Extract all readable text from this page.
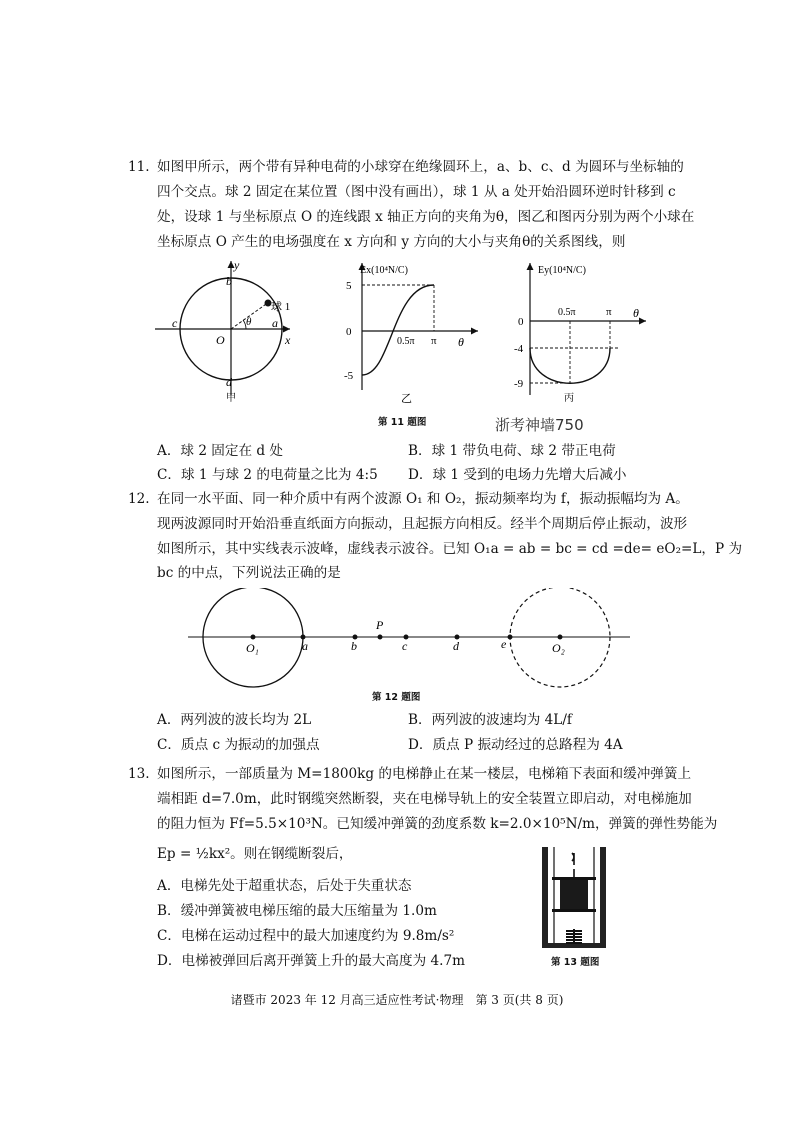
11. 如图甲所示，两个带有异种电荷的小球穿在绝缘圆环上，a、b、c、d 为圆环与坐标轴的
四个交点。球 2 固定在某位置（图中没有画出），球 1 从 a 处开始沿圆环逆时针移到 c
处，设球 1 与坐标原点 O 的连线跟 x 轴正方向的夹角为θ，图乙和图丙分别为两个小球在
坐标原点 O 产生的电场强度在 x 方向和 y 方向的大小与夹角θ的关系图线，则
y
x
O
a
b
c
d
球 1
θ
甲
Ex(10⁴N/C)
5
0
-5
0.5π π θ
乙
Ey(10⁴N/C)
0
-4
-9
0.5π	π θ
丙
第 11 题图	浙考神墙750
A．球 2 固定在 d 处	B．球 1 带负电荷、球 2 带正电荷
C．球 1 与球 2 的电荷量之比为 4:5 D．球 1 受到的电场力先增大后减小
12. 在同一水平面、同一种介质中有两个波源 O₁ 和 O₂，振动频率均为 f，振动振幅均为 A。
现两波源同时开始沿垂直纸面方向振动，且起振方向相反。经半个周期后停止振动，波形
如图所示，其中实线表示波峰，虚线表示波谷。已知 O₁a = ab = bc = cd =de= eO₂=L，P 为
bc 的中点，下列说法正确的是
O₁	a	b
P
c	d	e	O₂
第 12 题图
A．两列波的波长均为 2L	B．两列波的波速均为 4L/f
C．质点 c 为振动的加强点	D．质点 P 振动经过的总路程为 4A
13. 如图所示，一部质量为 M=1800kg 的电梯静止在某一楼层，电梯箱下表面和缓冲弹簧上
端相距 d=7.0m，此时钢缆突然断裂，夹在电梯导轨上的安全装置立即启动，对电梯施加
的阻力恒为 Ff=5.5×10³N。已知缓冲弹簧的劲度系数 k=2.0×10⁵N/m，弹簧的弹性势能为
Ep = ½kx²。则在钢缆断裂后，
A．电梯先处于超重状态，后处于失重状态
B．缓冲弹簧被电梯压缩的最大压缩量为 1.0m
C．电梯在运动过程中的最大加速度约为 9.8m/s²
D．电梯被弹回后离开弹簧上升的最大高度为 4.7m	第 13 题图
诸暨市 2023 年 12 月高三适应性考试·物理　第 3 页(共 8 页)
